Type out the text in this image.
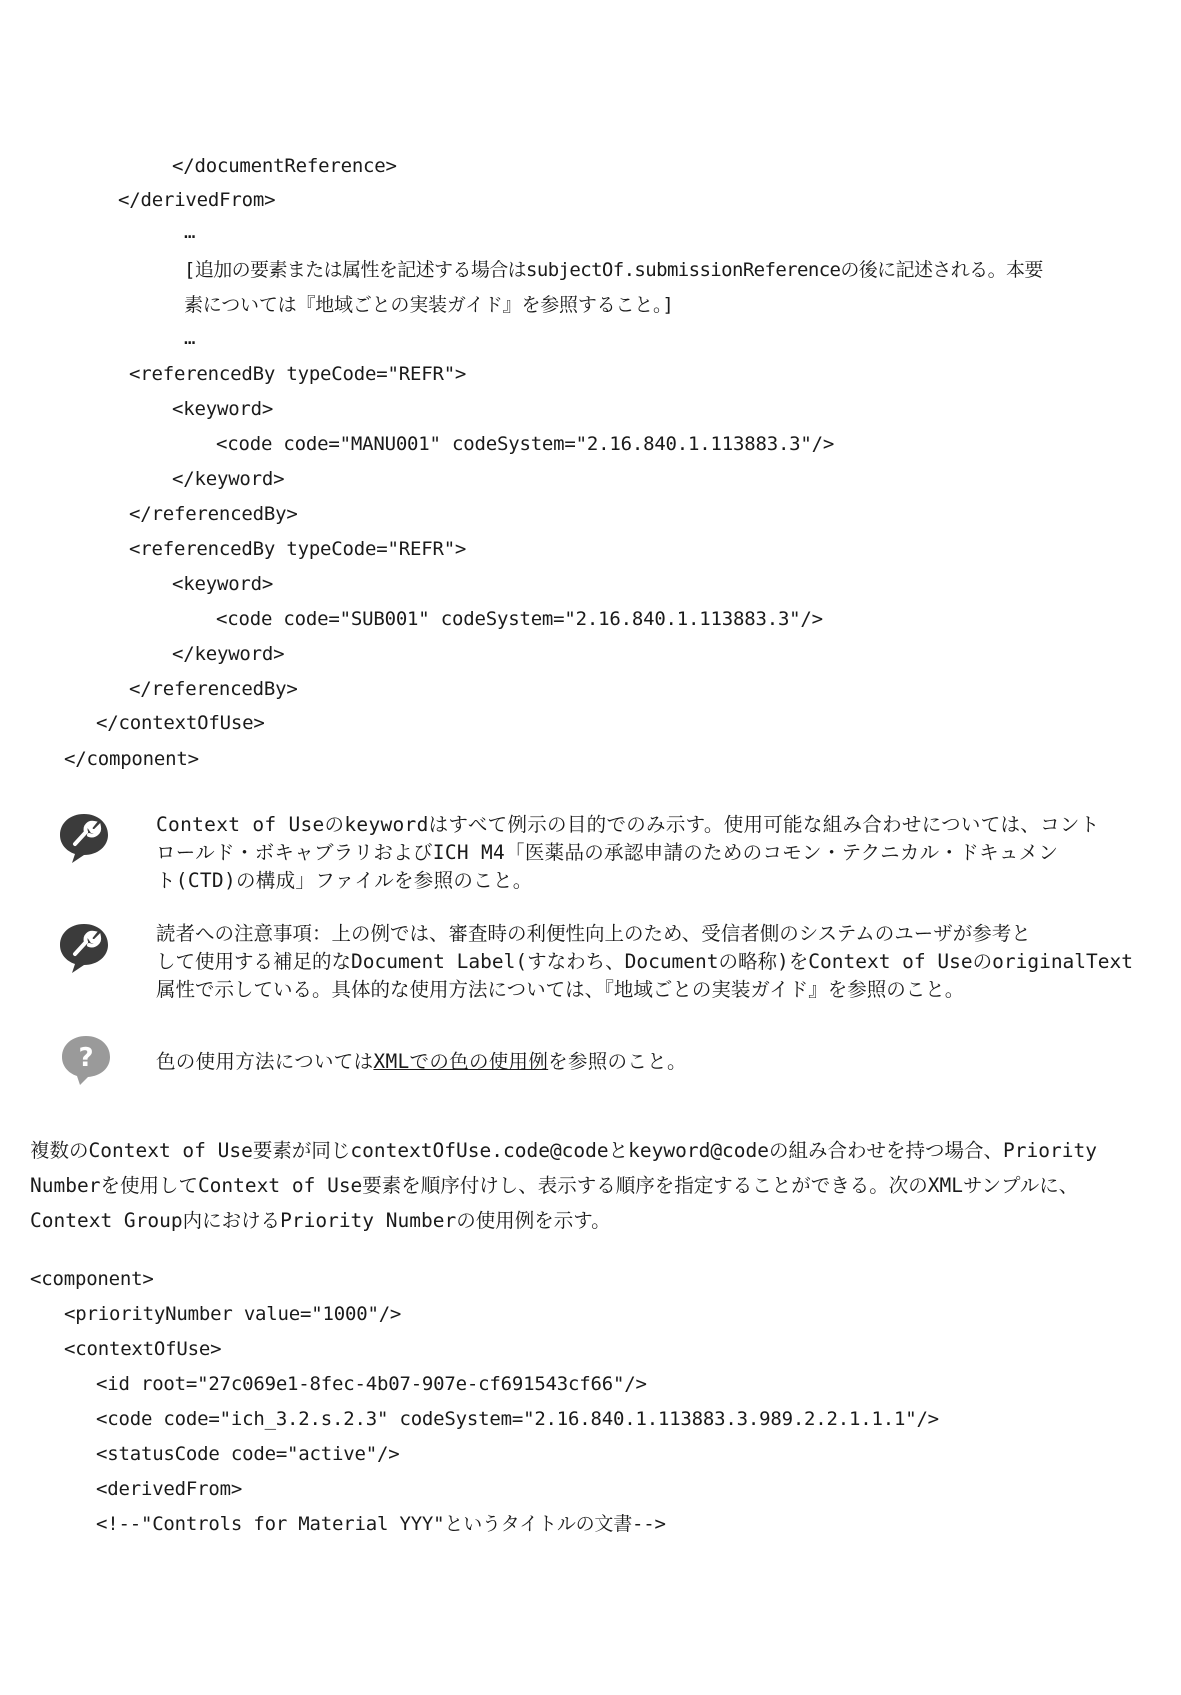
</documentReference>
</derivedFrom>
…
[追加の要素または属性を記述する場合はsubjectOf.submissionReferenceの後に記述される。本要
素については『地域ごとの実装ガイド』を参照すること。]
…
<referencedBy typeCode="REFR">
<keyword>
<code code="MANU001" codeSystem="2.16.840.1.113883.3"/>
</keyword>
</referencedBy>
<referencedBy typeCode="REFR">
<keyword>
<code code="SUB001" codeSystem="2.16.840.1.113883.3"/>
</keyword>
</referencedBy>
</contextOfUse>
</component>

Context of Useのkeywordはすべて例示の目的でのみ示す。使用可能な組み合わせについては、コント

ロールド・ボキャブラリおよびICH M4「医薬品の承認申請のためのコモン・テクニカル・ドキュメン

ト(CTD)の構成」ファイルを参照のこと。

読者への注意事項：上の例では、審査時の利便性向上のため、受信者側のシステムのユーザが参考と

して使用する補足的なDocument Label(すなわち、Documentの略称)をContext of UseのoriginalText

属性で示している。具体的な使用方法については、『地域ごとの実装ガイド』を参照のこと。

?	色の使用方法についてはXMLでの色の使用例を参照のこと。

複数のContext of Use要素が同じcontextOfUse.code@codeとkeyword@codeの組み合わせを持つ場合、Priority

Numberを使用してContext of Use要素を順序付けし、表示する順序を指定することができる。次のXMLサンプルに、

Context Group内におけるPriority Numberの使用例を示す。

<component>
<priorityNumber value="1000"/>
<contextOfUse>
<id root="27c069e1-8fec-4b07-907e-cf691543cf66"/>
<code code="ich_3.2.s.2.3" codeSystem="2.16.840.1.113883.3.989.2.2.1.1.1"/>
<statusCode code="active"/>
<derivedFrom>
<!--"Controls for Material YYY"というタイトルの文書-->
